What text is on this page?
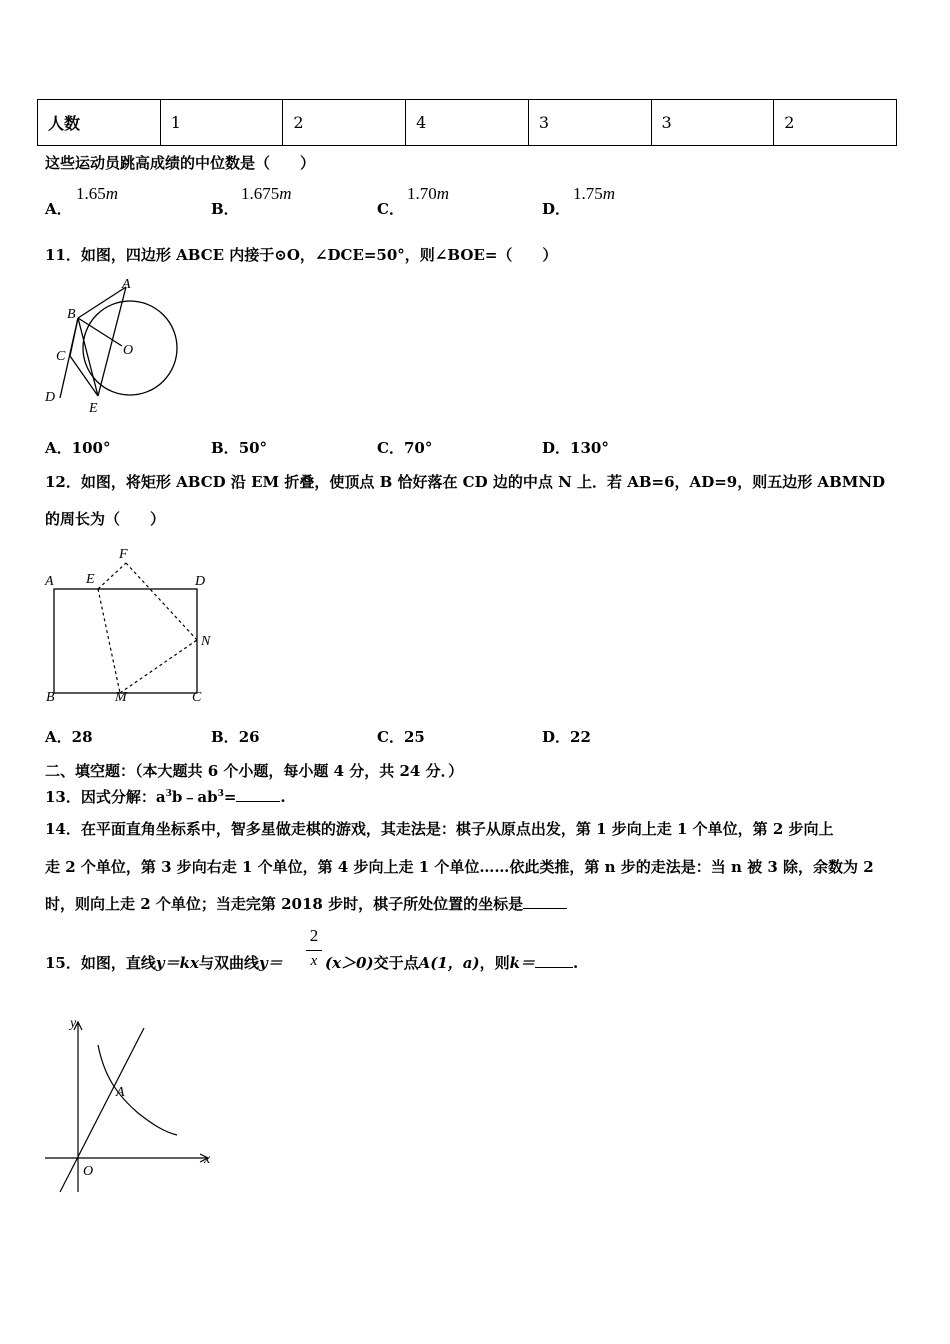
人数	1	2	4	3	3	2
这些运动员跳高成绩的中位数是（　　）
A．
1.65m
B．
1.675m
C．
1.70m
D．
1.75m
11．如图，四边形 ABCE 内接于⊙O，∠DCE=50°，则∠BOE=（　　）
A
B
C	O
D
E
A．100°	B．50°	C．70°	D．130°
12．如图，将矩形 ABCD 沿 EM 折叠，使顶点 B 恰好落在 CD 边的中点 N 上．若 AB=6，AD=9，则五边形 ABMND
的周长为（　　）
A E
F
D
N
B	M	C
A．28	B．26	C．25	D．22
二、填空题：（本大题共 6 个小题，每小题 4 分，共 24 分．）
13．因式分解：$a^3b﹣ab^3=$	.
14．在平面直角坐标系中，智多星做走棋的游戏，其走法是：棋子从原点出发，第 1 步向上走 1 个单位，第 2 步向上
走 2 个单位，第 3 步向右走 1 个单位，第 4 步向上走 1 个单位……依此类推，第 n 步的走法是：当 n 被 3 除，余数为 2
时，则向上走 2 个单位；当走完第 2018 步时，棋子所处位置的坐标是
15．如图，直线y＝kx与双曲线y＝
2
x (x＞0)交于点A(1，a)，则k＝	.
y
x
A
O
